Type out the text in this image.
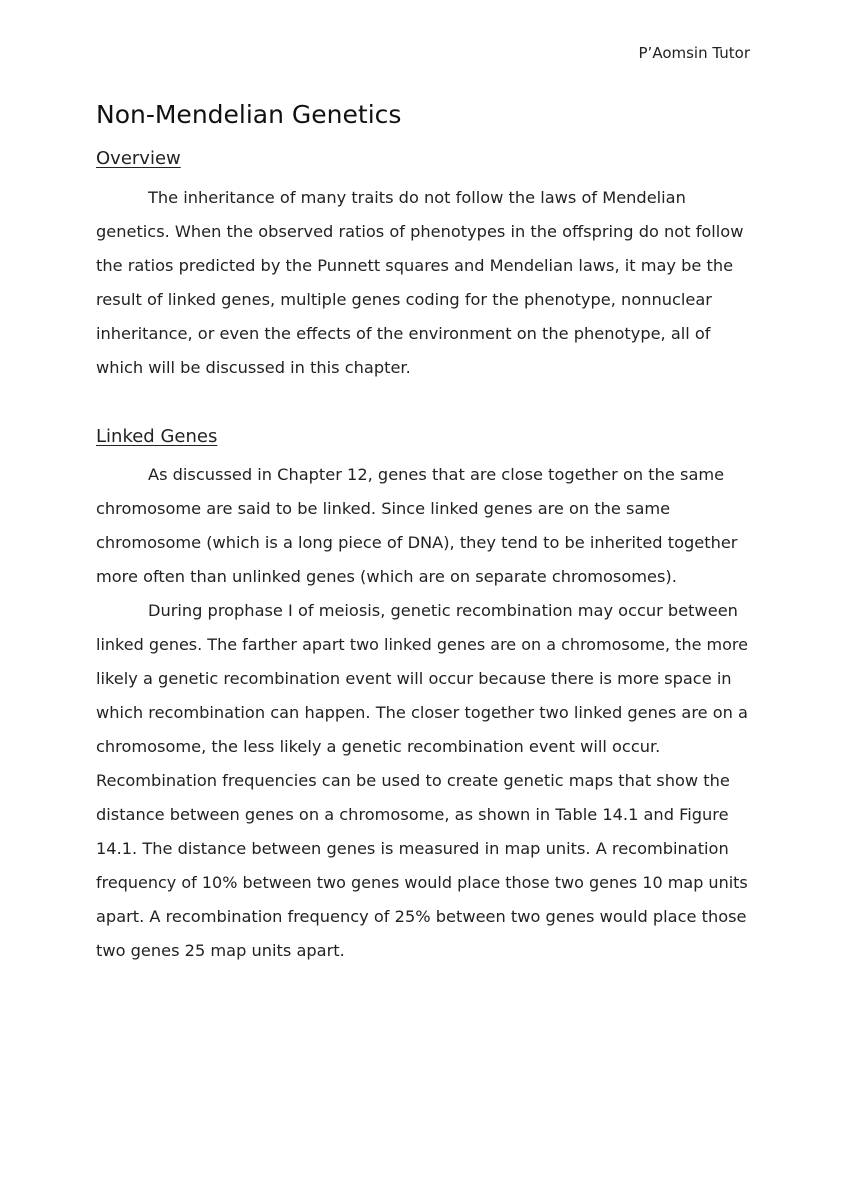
P’Aomsin Tutor
Non-Mendelian Genetics
Overview
The inheritance of many traits do not follow the laws of Mendelian
genetics. When the observed ratios of phenotypes in the offspring do not follow
the ratios predicted by the Punnett squares and Mendelian laws, it may be the
result of linked genes, multiple genes coding for the phenotype, nonnuclear
inheritance, or even the effects of the environment on the phenotype, all of
which will be discussed in this chapter.
Linked Genes
As discussed in Chapter 12, genes that are close together on the same
chromosome are said to be linked. Since linked genes are on the same
chromosome (which is a long piece of DNA), they tend to be inherited together
more often than unlinked genes (which are on separate chromosomes).
During prophase I of meiosis, genetic recombination may occur between
linked genes. The farther apart two linked genes are on a chromosome, the more
likely a genetic recombination event will occur because there is more space in
which recombination can happen. The closer together two linked genes are on a
chromosome, the less likely a genetic recombination event will occur.
Recombination frequencies can be used to create genetic maps that show the
distance between genes on a chromosome, as shown in Table 14.1 and Figure
14.1. The distance between genes is measured in map units. A recombination
frequency of 10% between two genes would place those two genes 10 map units
apart. A recombination frequency of 25% between two genes would place those
two genes 25 map units apart.
